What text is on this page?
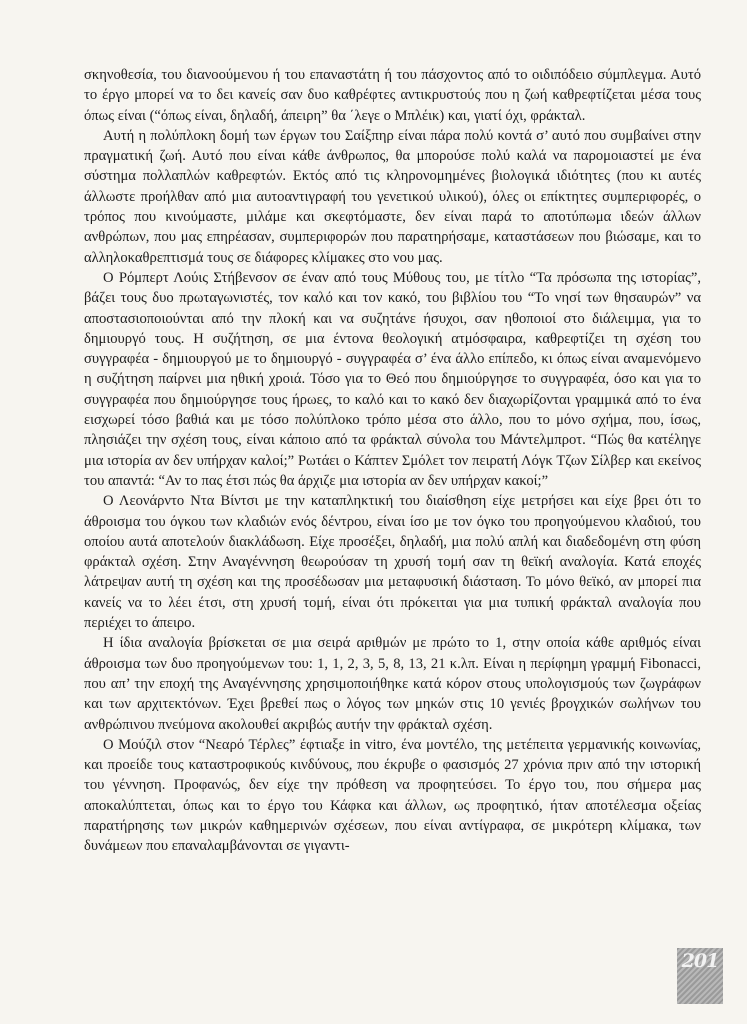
σκηνοθεσία, του διανοούμενου ή του επαναστάτη ή του πάσχοντος από το οιδιπόδειο σύμπλεγμα. Αυτό το έργο μπορεί να το δει κανείς σαν δυο καθρέφτες αντικρυστούς που η ζωή καθρεφτίζεται μέσα τους όπως είναι (“όπως είναι, δηλαδή, άπειρη” θα ΄λεγε ο Μπλέικ) και, γιατί όχι, φράκταλ.

Αυτή η πολύπλοκη δομή των έργων του Σαίξπηρ είναι πάρα πολύ κοντά σ’ αυτό που συμβαίνει στην πραγματική ζωή. Αυτό που είναι κάθε άνθρωπος, θα μπορούσε πολύ καλά να παρομοιαστεί με ένα σύστημα πολλαπλών καθρεφτών. Εκτός από τις κληρονομημένες βιολογικά ιδιότητες (που κι αυτές άλλωστε προήλθαν από μια αυτοαντιγραφή του γενετικού υλικού), όλες οι επίκτητες συμπεριφορές, ο τρόπος που κινούμαστε, μιλάμε και σκεφτόμαστε, δεν είναι παρά το αποτύπωμα ιδεών άλλων ανθρώπων, που μας επηρέασαν, συμπεριφορών που παρατηρήσαμε, καταστάσεων που βιώσαμε, και το αλληλοκαθρεπτισμά τους σε διάφορες κλίμακες στο νου μας.

Ο Ρόμπερτ Λούις Στήβενσον σε έναν από τους Μύθους του, με τίτλο “Τα πρόσωπα της ιστορίας”, βάζει τους δυο πρωταγωνιστές, τον καλό και τον κακό, του βιβλίου του “Το νησί των θησαυρών” να αποστασιοποιούνται από την πλοκή και να συζητάνε ήσυχοι, σαν ηθοποιοί στο διάλειμμα, για το δημιουργό τους. Η συζήτηση, σε μια έντονα θεολογική ατμόσφαιρα, καθρεφτίζει τη σχέση του συγγραφέα - δημιουργού με το δημιουργό - συγγραφέα σ’ ένα άλλο επίπεδο, κι όπως είναι αναμενόμενο η συζήτηση παίρνει μια ηθική χροιά. Τόσο για το Θεό που δημιούργησε το συγγραφέα, όσο και για το συγγραφέα που δημιούργησε τους ήρωες, το καλό και το κακό δεν διαχωρίζονται γραμμικά από το ένα εισχωρεί τόσο βαθιά και με τόσο πολύπλοκο τρόπο μέσα στο άλλο, που το μόνο σχήμα, που, ίσως, πλησιάζει την σχέση τους, είναι κάποιο από τα φράκταλ σύνολα του Μάντελμπροτ. “Πώς θα κατέληγε μια ιστορία αν δεν υπήρχαν καλοί;” Ρωτάει ο Κάπτεν Σμόλετ τον πειρατή Λόγκ Τζων Σίλβερ και εκείνος του απαντά: “Αν το πας έτσι πώς θα άρχιζε μια ιστορία αν δεν υπήρχαν κακοί;”

Ο Λεονάρντο Ντα Βίντσι με την καταπληκτική του διαίσθηση είχε μετρήσει και είχε βρει ότι το άθροισμα του όγκου των κλαδιών ενός δέντρου, είναι ίσο με τον όγκο του προηγούμενου κλαδιού, του οποίου αυτά αποτελούν διακλάδωση. Είχε προσέξει, δηλαδή, μια πολύ απλή και διαδεδομένη στη φύση φράκταλ σχέση. Στην Αναγέννηση θεωρούσαν τη χρυσή τομή σαν τη θεϊκή αναλογία. Κατά εποχές λάτρεψαν αυτή τη σχέση και της προσέδωσαν μια μεταφυσική διάσταση. Το μόνο θεϊκό, αν μπορεί πια κανείς να το λέει έτσι, στη χρυσή τομή, είναι ότι πρόκειται για μια τυπική φράκταλ αναλογία που περιέχει το άπειρο.

Η ίδια αναλογία βρίσκεται σε μια σειρά αριθμών με πρώτο το 1, στην οποία κάθε αριθμός είναι άθροισμα των δυο προηγούμενων του: 1, 1, 2, 3, 5, 8, 13, 21 κ.λπ. Είναι η περίφημη γραμμή Fibonacci, που απ’ την εποχή της Αναγέννησης χρησιμοποιήθηκε κατά κόρον στους υπολογισμούς των ζωγράφων και των αρχιτεκτόνων. Έχει βρεθεί πως ο λόγος των μηκών στις 10 γενιές βρογχικών σωλήνων του ανθρώπινου πνεύμονα ακολουθεί ακριβώς αυτήν την φράκταλ σχέση.

Ο Μούζιλ στον “Νεαρό Τέρλες” έφτιαξε in vitro, ένα μοντέλο, της μετέπειτα γερμανικής κοινωνίας, και προείδε τους καταστροφικούς κινδύνους, που έκρυβε ο φασισμός 27 χρόνια πριν από την ιστορική του γέννηση. Προφανώς, δεν είχε την πρόθεση να προφητεύσει. Το έργο του, που σήμερα μας αποκαλύπτεται, όπως και το έργο του Κάφκα και άλλων, ως προφητικό, ήταν αποτέλεσμα οξείας παρατήρησης των μικρών καθημερινών σχέσεων, που είναι αντίγραφα, σε μικρότερη κλίμακα, των δυνάμεων που επαναλαμβάνονται σε γιγαντι-

201
